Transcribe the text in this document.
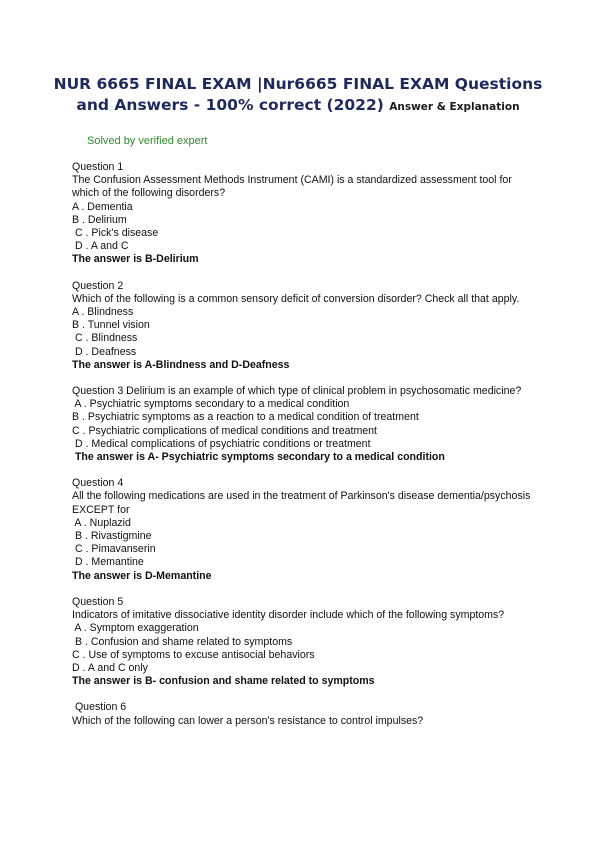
NUR 6665 FINAL EXAM |Nur6665 FINAL EXAM Questions and Answers - 100% correct (2022) Answer & Explanation
Solved by verified expert
Question 1
The Confusion Assessment Methods Instrument (CAMI) is a standardized assessment tool for which of the following disorders?
A . Dementia
B . Delirium
C . Pick's disease
D . A and C
The answer is B-Delirium
Question 2
Which of the following is a common sensory deficit of conversion disorder? Check all that apply.
A . Blindness
B . Tunnel vision
C . Blindness
D . Deafness
The answer is A-Blindness and D-Deafness
Question 3 Delirium is an example of which type of clinical problem in psychosomatic medicine?
A . Psychiatric symptoms secondary to a medical condition
B . Psychiatric symptoms as a reaction to a medical condition of treatment
C . Psychiatric complications of medical conditions and treatment
D . Medical complications of psychiatric conditions or treatment
The answer is A- Psychiatric symptoms secondary to a medical condition
Question 4
All the following medications are used in the treatment of Parkinson's disease dementia/psychosis EXCEPT for
A . Nuplazid
B . Rivastigmine
C . Pimavanserin
D . Memantine
The answer is D-Memantine
Question 5
Indicators of imitative dissociative identity disorder include which of the following symptoms?
A . Symptom exaggeration
B . Confusion and shame related to symptoms
C . Use of symptoms to excuse antisocial behaviors
D . A and C only
The answer is B- confusion and shame related to symptoms
Question 6
Which of the following can lower a person's resistance to control impulses?
